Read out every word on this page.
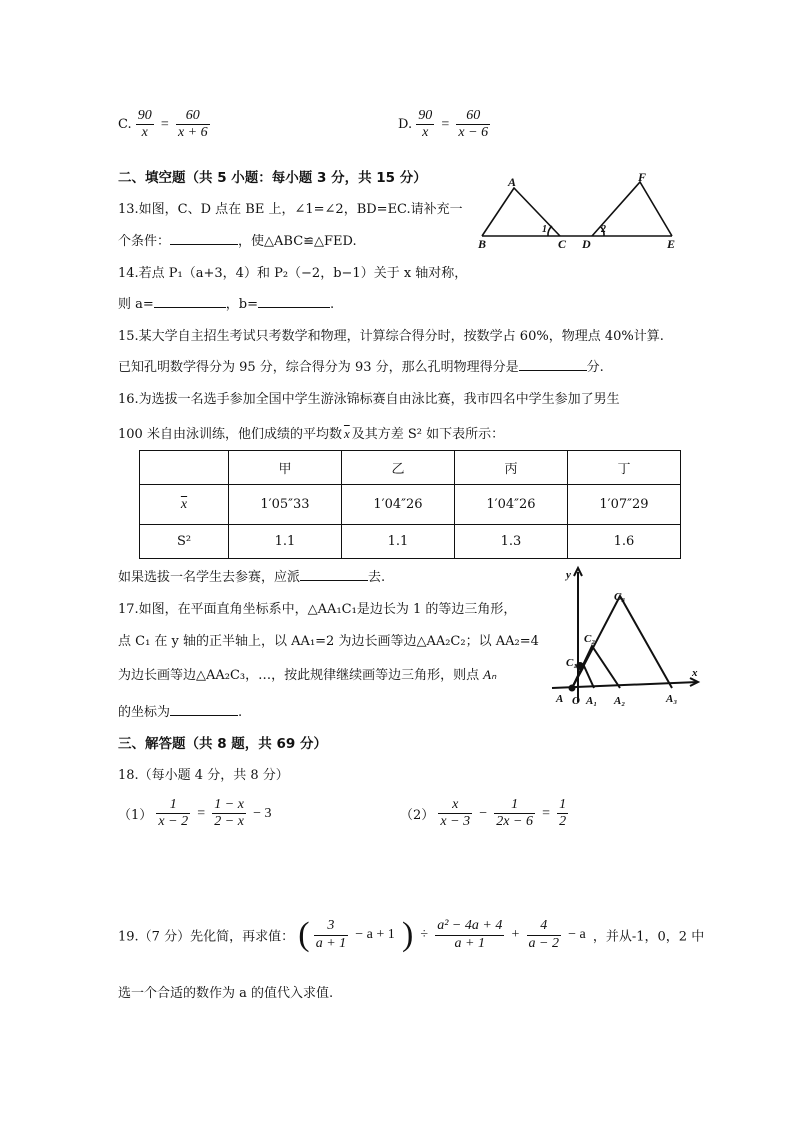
C. $\frac{90}{x} = \frac{60}{x + 6}$	D. $\frac{90}{x} = \frac{60}{x - 6}$
二、填空题（共 5 小题：每小题 3 分，共 15 分）
13.如图，C、D 点在 BE 上，∠1=∠2，BD=EC.请补充一
个条件：	，使△ABC≌△FED.
A
B	C D	E
F
1	2
14.若点 P₁（a+3，4）和 P₂（−2，b−1）关于 x 轴对称，
则 a=	，b=	.
15.某大学自主招生考试只考数学和物理，计算综合得分时，按数学占 60%，物理点 40%计算.
已知孔明数学得分为 95 分，综合得分为 93 分，那么孔明物理得分是	分.
16.为选拔一名选手参加全国中学生游泳锦标赛自由泳比赛，我市四名中学生参加了男生
100 米自由泳训练，他们成绩的平均数 $\overline{x}$ 及其方差 S² 如下表所示：
	甲	乙	丙	丁
$\overline{x}$	1′05″33	1′04″26	1′04″26	1′07″29
S²	1.1	1.1	1.3	1.6
如果选拔一名学生去参赛，应派	去.
17.如图，在平面直角坐标系中，△AA₁C₁是边长为 1 的等边三角形，
点 C₁ 在 y 轴的正半轴上，以 AA₁=2 为边长画等边△AA₂C₂；以 AA₂=4
为边长画等边△AA₂C₃，…，按此规律继续画等边三角形，则点 Aₙ
的坐标为	.
y
x
A O A₁ A₂	A₃
C₁
C₂
C₃
三、解答题（共 8 题，共 69 分）
18.（每小题 4 分，共 8 分）
$(1) \frac{1}{x - 2} = \frac{1 - x}{2 - x} - 3$	$(2) \frac{x}{x - 3} - \frac{1}{2x - 6} = \frac{1}{2}$
19.（7 分）先化简，再求值： ( $\frac{3}{a + 1} - a + 1$ ) ÷ $\frac{\text{a² − 4a + 4}}{a + 1} + \frac{4}{a - 2} - a$ ，并从-1，0，2 中
选一个合适的数作为 a 的值代入求值.
